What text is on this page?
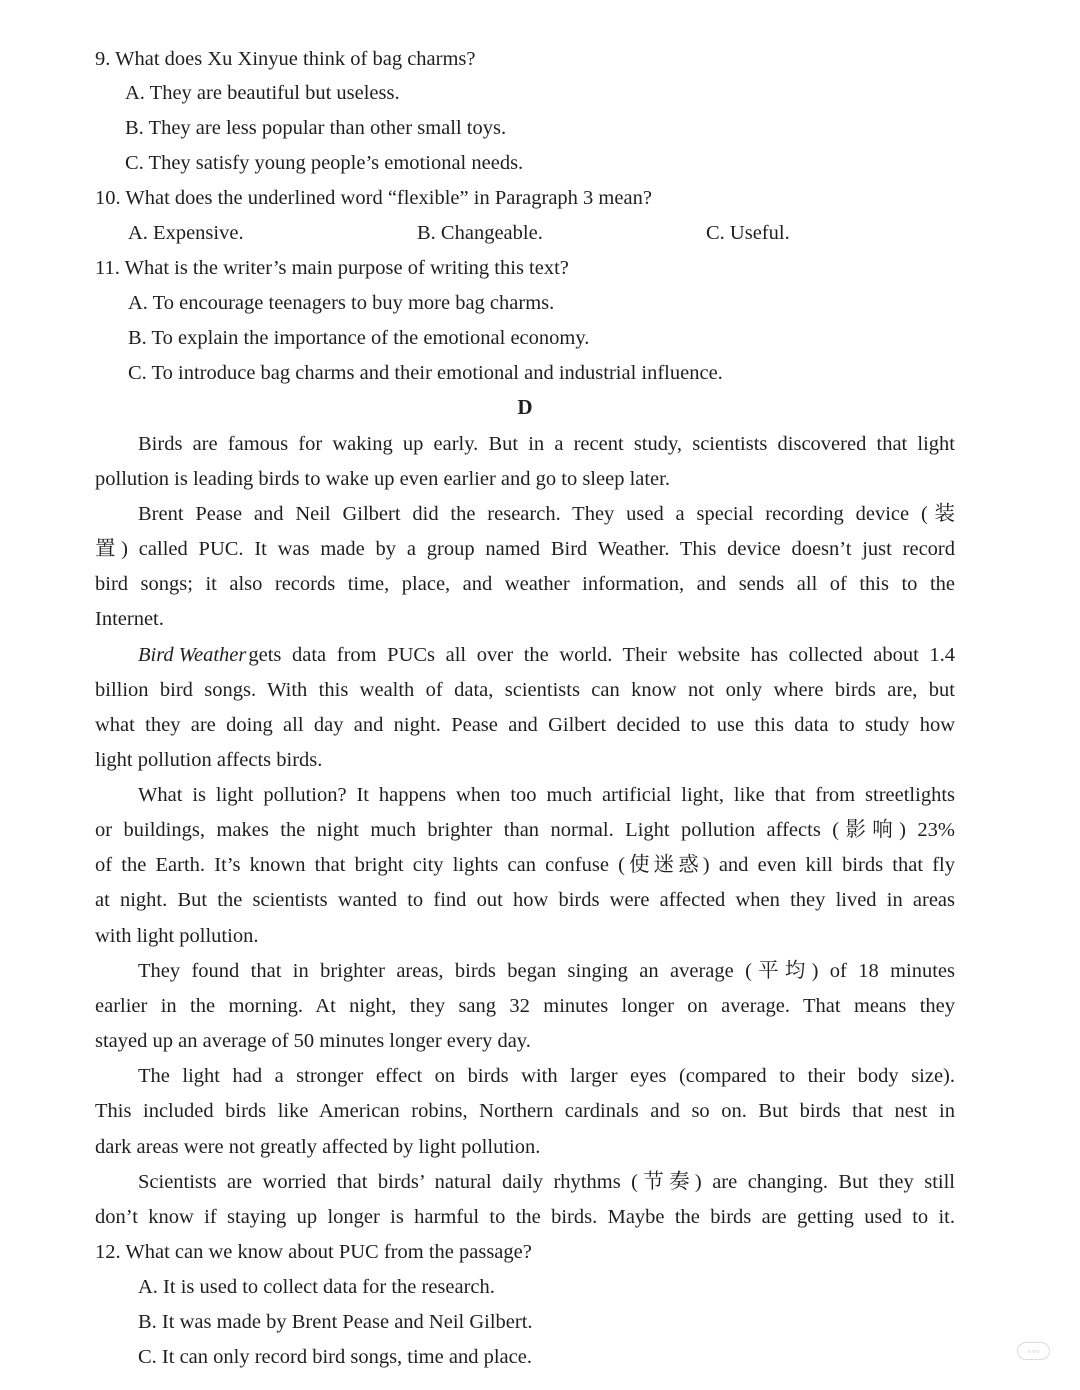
9. What does Xu Xinyue think of bag charms?
A. They are beautiful but useless.
B. They are less popular than other small toys.
C. They satisfy young people’s emotional needs.
10. What does the underlined word “flexible” in Paragraph 3 mean?
A. Expensive.	B. Changeable.	C. Useful.
11. What is the writer’s main purpose of writing this text?
A. To encourage teenagers to buy more bag charms.
B. To explain the importance of the emotional economy.
C. To introduce bag charms and their emotional and industrial influence.
D
Birds are famous for waking up early. But in a recent study, scientists discovered that light
pollution is leading birds to wake up even earlier and go to sleep later.
Brent Pease and Neil Gilbert did the research. They used a special recording device (装
置) called PUC. It was made by a group named Bird Weather. This device doesn’t just record
bird songs; it also records time, place, and weather information, and sends all of this to the
Internet.
Bird Weather gets data from PUCs all over the world. Their website has collected about 1.4
billion bird songs. With this wealth of data, scientists can know not only where birds are, but
what they are doing all day and night. Pease and Gilbert decided to use this data to study how
light pollution affects birds.
What is light pollution? It happens when too much artificial light, like that from streetlights
or buildings, makes the night much brighter than normal. Light pollution affects (影响) 23%
of the Earth. It’s known that bright city lights can confuse (使迷惑) and even kill birds that fly
at night. But the scientists wanted to find out how birds were affected when they lived in areas
with light pollution.
They found that in brighter areas, birds began singing an average (平均) of 18 minutes
earlier in the morning. At night, they sang 32 minutes longer on average. That means they
stayed up an average of 50 minutes longer every day.
The light had a stronger effect on birds with larger eyes (compared to their body size).
This included birds like American robins, Northern cardinals and so on. But birds that nest in
dark areas were not greatly affected by light pollution.
Scientists are worried that birds’ natural daily rhythms (节奏) are changing. But they still
don’t know if staying up longer is harmful to the birds. Maybe the birds are getting used to it.
12. What can we know about PUC from the passage?
A. It is used to collect data for the research.
B. It was made by Brent Pease and Neil Gilbert.
C. It can only record bird songs, time and place.	◦◦◦
